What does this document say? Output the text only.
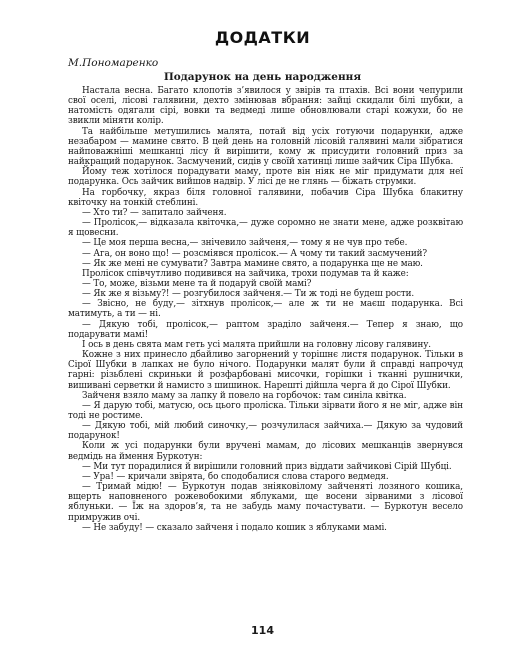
ДОДАТКИ
М.Пономаренко
Подарунок на день народження

Настала весна. Багато клопотів з’явилося у звірів та птахів. Всі вони чепурили свої оселі, лісові галявини, дехто змінював вбрання: зайці скидали білі шубки, а натомість одягали сірі, вовки та ведмеді лише обновлювали старі кожухи, бо не звикли міняти колір.

Та найбільше метушились малята, потай від усіх готуючи подарунки, адже незабаром — мамине свято. В цей день на головній лісовій галявині мали зібратися найповажніші мешканці лісу й вирішити, кому ж присудити головний приз за найкращий подарунок. Засмучений, сидів у своїй хатинці лише зайчик Сіра Шубка.

Йому теж хотілося порадувати маму, проте він ніяк не міг придумати для неї подарунка. Ось зайчик вийшов надвір. У лісі де не глянь — біжать струмки.

На горбочку, якраз біля головної галявини, побачив Сіра Шубка блакитну квіточку на тонкій стеблині.

— Хто ти? — запитало зайченя.

— Пролісок,— відказала квіточка,— дуже соромно не знати мене, адже розквітаю я щовесни.

— Це моя перша весна,— знічевило зайченя,— тому я не чув про тебе.

— Ага, он воно що! — розсміявся пролісок.— А чому ти такий засмучений?

— Як же мені не сумувати? Завтра мамине свято, а подарунка ще не маю.

Пролісок співчутливо подивився на зайчика, трохи подумав та й каже:

— То, може, візьми мене та й подаруй своїй мамі?

— Як же я візьму?! — розгубилося зайченя.— Ти ж тоді не будеш рости.

— Звісно, не буду,— зітхнув пролісок,— але ж ти не маєш подарунка. Всі матимуть, а ти — ні.

— Дякую тобі, пролісок,— раптом зраділо зайченя.— Тепер я знаю, що подарувати мамі!

І ось в день свята мам геть усі малята прийшли на головну лісову галявину.

Кожне з них принесло дбайливо загорнений у торішнє листя подарунок. Тільки в Сірої Шубки в лапках не було нічого. Подарунки малят були й справді напрочуд гарні: різьблені скриньки й розфарбовані мисочки, горішки і тканні рушнички, вишивані серветки й намисто з шишинок. Нарешті дійшла черга й до Сірої Шубки.

Зайченя взяло маму за лапку й повело на горбочок: там синіла квітка.

— Я дарую тобі, матусю, ось цього проліска. Тільки зірвати його я не міг, адже він тоді не ростиме.

— Дякую тобі, мій любий синочку,— розчулилася зайчиха.— Дякую за чудовий подарунок!

Коли ж усі подарунки були вручені мамам, до лісових мешканців звернувся ведмідь на ймення Буркотун:

— Ми тут порадилися й вирішили головний приз віддати зайчикові Сірій Шубці.

— Ура! — кричали звірята, бо сподобалися слова старого ведмедя.

— Тримай мідю! — Буркотун подав зніяковілому зайченяті лозяного кошика, вщерть наповненого рожевобокими яблуками, ще восени зірваними з лісової яблуньки. — Їж на здоров’я, та не забудь маму почастувати. — Буркотун весело примружив очі.

— Не забуду! — сказало зайченя і подало кошик з яблуками мамі.

114
